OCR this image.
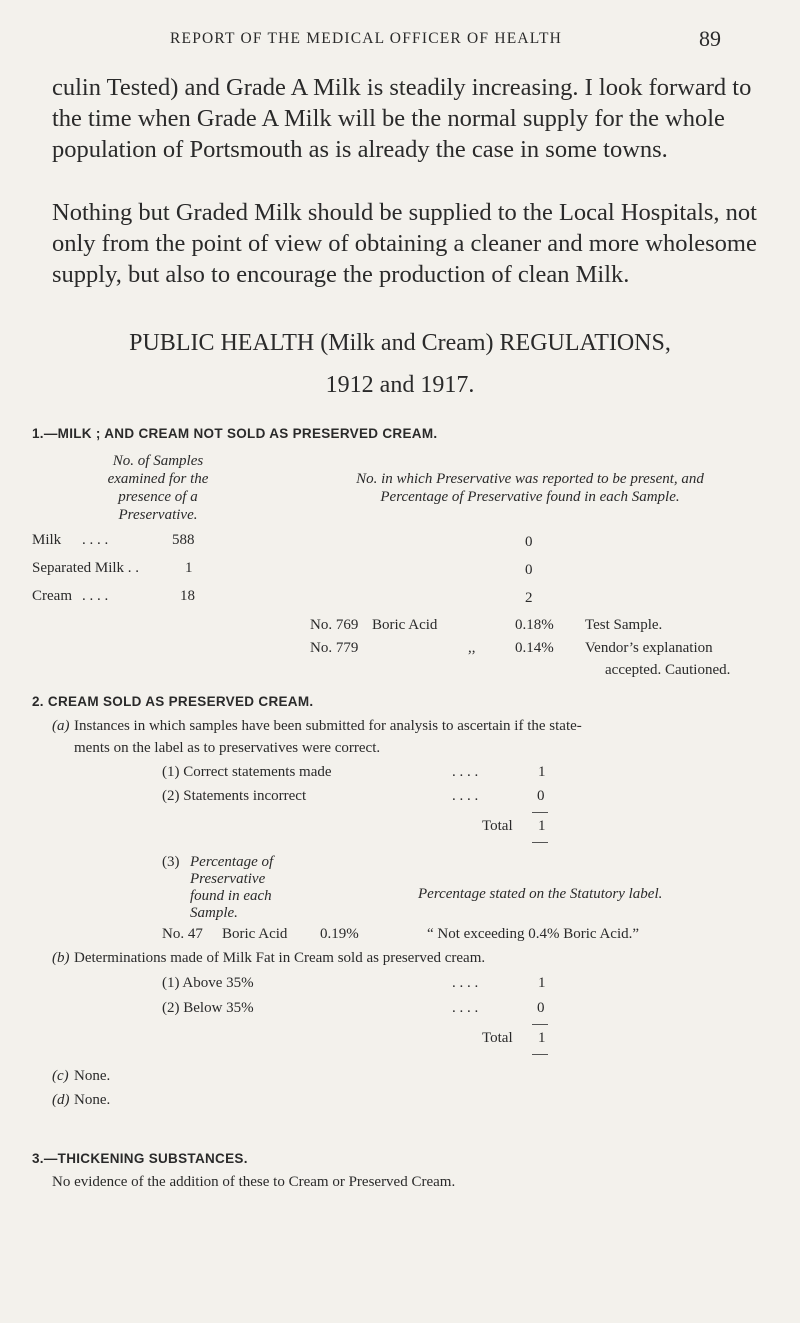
REPORT OF THE MEDICAL OFFICER OF HEALTH	89

culin Tested) and Grade A Milk is steadily increasing. I look forward to the time when Grade A Milk will be the normal supply for the whole population of Portsmouth as is already the case in some towns.

Nothing but Graded Milk should be supplied to the Local Hospitals, not only from the point of view of obtaining a cleaner and more wholesome supply, but also to encourage the production of clean Milk.

PUBLIC HEALTH (Milk and Cream) REGULATIONS,
1912 and 1917.
1.—MILK ; AND CREAM NOT SOLD AS PRESERVED CREAM.
No. of Samples
examined for the
presence of a
Preservative.
No. in which Preservative was reported to be present, and
Percentage of Preservative found in each Sample.
Milk . . . .	588	0
Separated Milk . .	1	0
Cream . . . .	18	2
No. 769 Boric Acid	0.18% Test Sample.
No. 779	,,	0.14% Vendor’s explanation
accepted. Cautioned.
2. CREAM SOLD AS PRESERVED CREAM.
(a) Instances in which samples have been submitted for analysis to ascertain if the state-
ments on the label as to preservatives were correct.
(1) Correct statements made	. . . .	1
(2) Statements incorrect	. . . .	0
Total 1
(3) Percentage of
Preservative
found in each
Sample.
Percentage stated on the Statutory label.
No. 47 Boric Acid 0.19%	“ Not exceeding 0.4% Boric Acid.”
(b) Determinations made of Milk Fat in Cream sold as preserved cream.
(1) Above 35%	. . . .	1
(2) Below 35%	. . . .	0
Total 1
(c) None.
(d) None.
3.—THICKENING SUBSTANCES.
No evidence of the addition of these to Cream or Preserved Cream.
